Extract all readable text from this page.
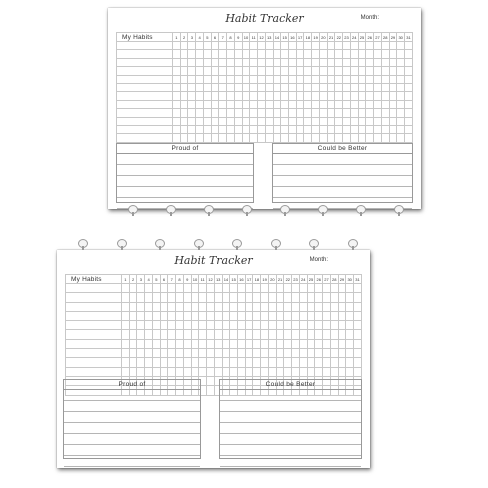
Habit Tracker	Month:
My Habits	1	2	3	4	5	6	7	8	9	10	11	12	13	14	15	16	17	18	19	20	21	22	23	24	25	26	27	28	29	30	31

Proud of	Could be Better
Habit Tracker	Month:
My Habits	1	2	3	4	5	6	7	8	9	10	11	12	13	14	15	16	17	18	19	20	21	22	23	24	25	26	27	28	29	30	31

Proud of	Could be Better
